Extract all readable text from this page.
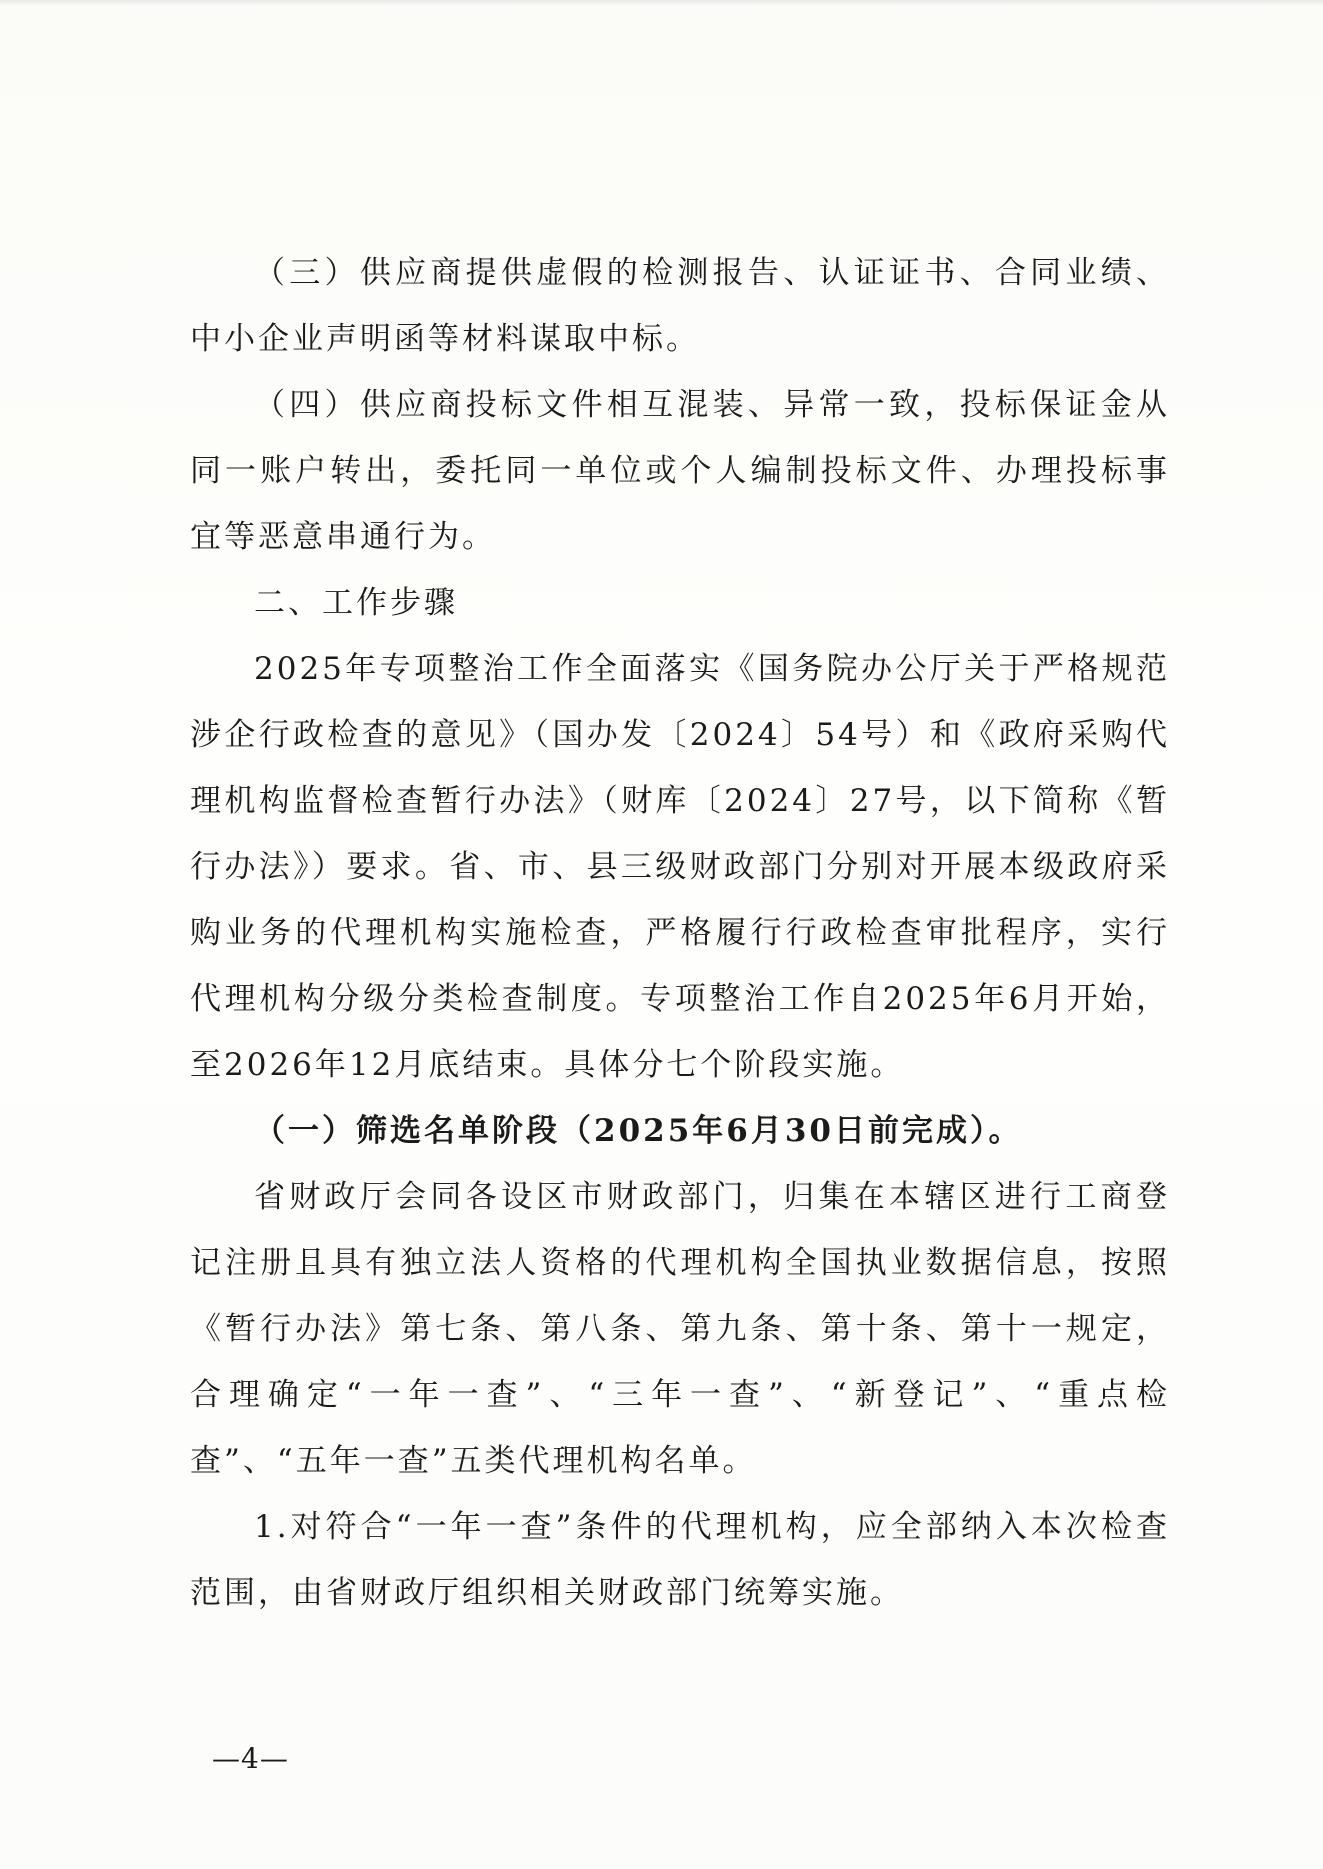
（三）供应商提供虚假的检测报告、认证证书、合同业绩、中小企业声明函等材料谋取中标。

（四）供应商投标文件相互混装、异常一致，投标保证金从同一账户转出，委托同一单位或个人编制投标文件、办理投标事宜等恶意串通行为。

二、工作步骤

2025年专项整治工作全面落实《国务院办公厅关于严格规范涉企行政检查的意见》（国办发〔2024〕54号）和《政府采购代理机构监督检查暂行办法》（财库〔2024〕27号，以下简称《暂行办法》）要求。省、市、县三级财政部门分别对开展本级政府采购业务的代理机构实施检查，严格履行行政检查审批程序，实行代理机构分级分类检查制度。专项整治工作自2025年6月开始，至2026年12月底结束。具体分七个阶段实施。

（一）筛选名单阶段（2025年6月30日前完成）。

省财政厅会同各设区市财政部门，归集在本辖区进行工商登记注册且具有独立法人资格的代理机构全国执业数据信息，按照《暂行办法》第七条、第八条、第九条、第十条、第十一规定，合理确定“一年一查”、“三年一查”、“新登记”、“重点检查”、“五年一查”五类代理机构名单。

1.对符合“一年一查”条件的代理机构，应全部纳入本次检查范围，由省财政厅组织相关财政部门统筹实施。

—4—
